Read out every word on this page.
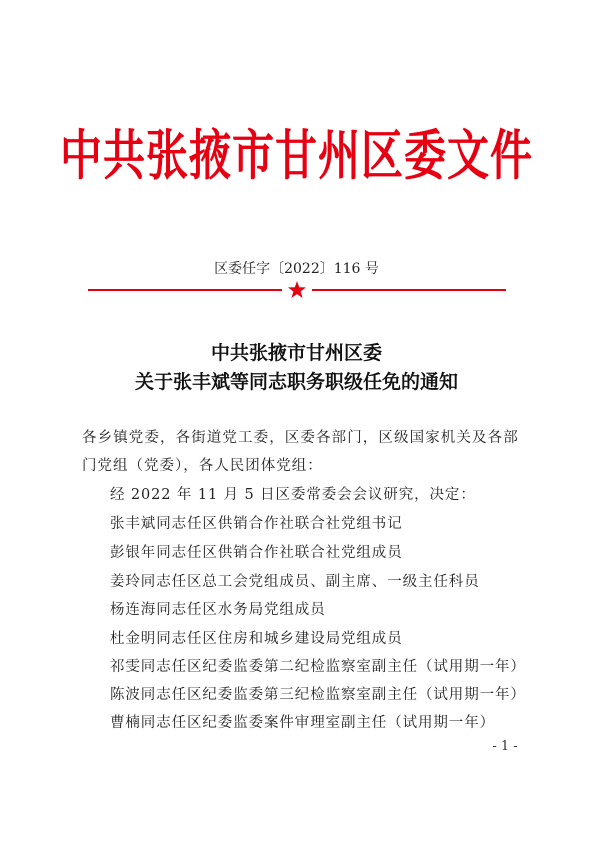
中共张掖市甘州区委文件
区委任字〔2022〕116 号
中共张掖市甘州区委
关于张丰斌等同志职务职级任免的通知
各乡镇党委，各街道党工委，区委各部门，区级国家机关及各部
门党组（党委），各人民团体党组：
经 2022 年 11 月 5 日区委常委会会议研究，决定：
张丰斌同志任区供销合作社联合社党组书记
彭银年同志任区供销合作社联合社党组成员
姜玲同志任区总工会党组成员、副主席、一级主任科员
杨连海同志任区水务局党组成员
杜金明同志任区住房和城乡建设局党组成员
祁雯同志任区纪委监委第二纪检监察室副主任（试用期一年）
陈波同志任区纪委监委第三纪检监察室副主任（试用期一年）
曹楠同志任区纪委监委案件审理室副主任（试用期一年）
- 1 -
